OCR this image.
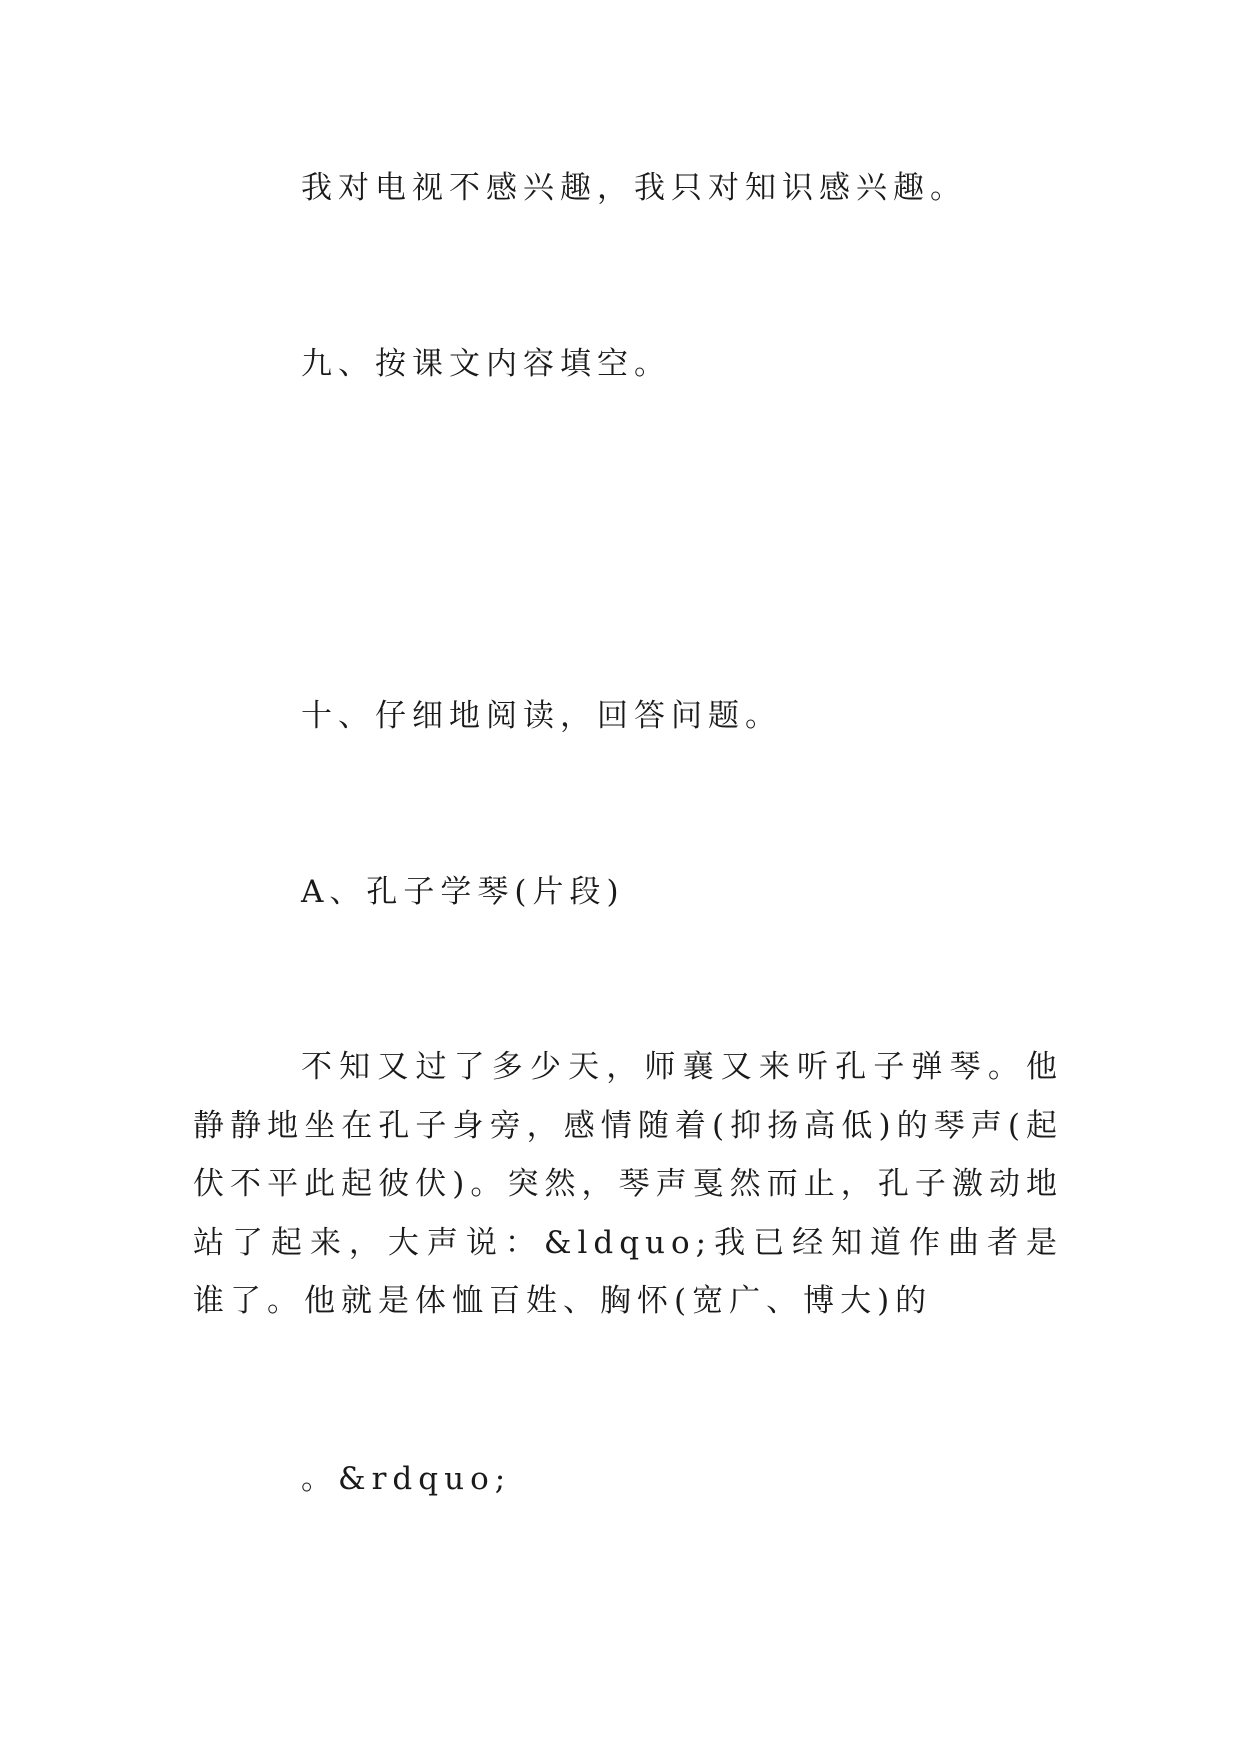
我对电视不感兴趣，我只对知识感兴趣。
九、按课文内容填空。
十、仔细地阅读，回答问题。
A、孔子学琴(片段)
不知又过了多少天，师襄又来听孔子弹琴。他静静地坐在孔子身旁，感情随着(抑扬高低)的琴声(起伏不平此起彼伏)。突然，琴声戛然而止，孔子激动地站了起来，大声说：&ldquo;我已经知道作曲者是谁了。他就是体恤百姓、胸怀(宽广、博大)的
。&rdquo;
